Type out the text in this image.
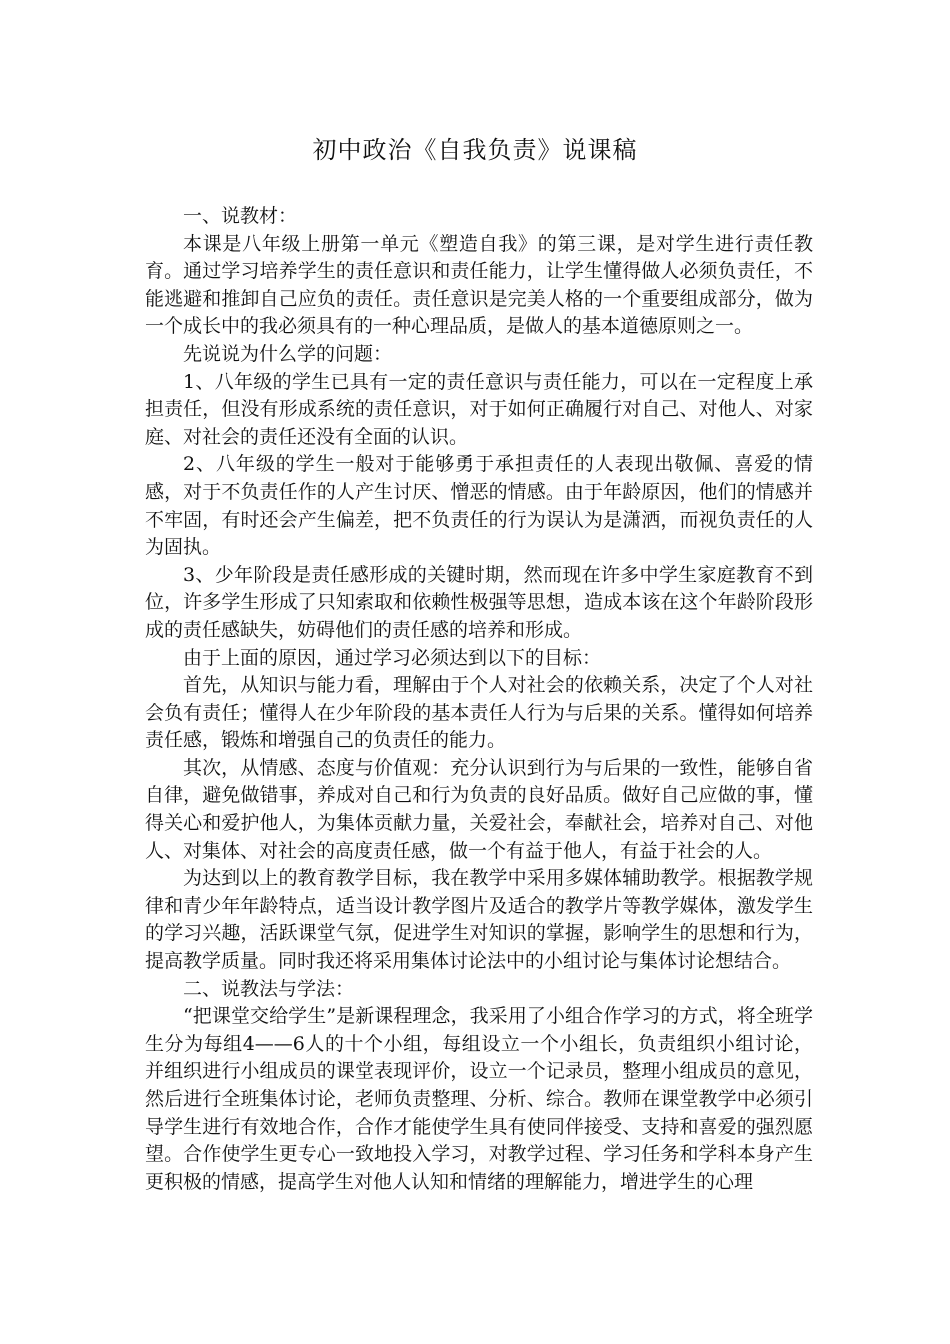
初中政治《自我负责》说课稿

一、说教材：

本课是八年级上册第一单元《塑造自我》的第三课，是对学生进行责任教育。通过学习培养学生的责任意识和责任能力，让学生懂得做人必须负责任，不能逃避和推卸自己应负的责任。责任意识是完美人格的一个重要组成部分，做为一个成长中的我必须具有的一种心理品质，是做人的基本道德原则之一。

先说说为什么学的问题：

1、八年级的学生已具有一定的责任意识与责任能力，可以在一定程度上承担责任，但没有形成系统的责任意识，对于如何正确履行对自己、对他人、对家庭、对社会的责任还没有全面的认识。

2、八年级的学生一般对于能够勇于承担责任的人表现出敬佩、喜爱的情感，对于不负责任作的人产生讨厌、憎恶的情感。由于年龄原因，他们的情感并不牢固，有时还会产生偏差，把不负责任的行为误认为是潇洒，而视负责任的人为固执。

3、少年阶段是责任感形成的关键时期，然而现在许多中学生家庭教育不到位，许多学生形成了只知索取和依赖性极强等思想，造成本该在这个年龄阶段形成的责任感缺失，妨碍他们的责任感的培养和形成。

由于上面的原因，通过学习必须达到以下的目标：

首先，从知识与能力看，理解由于个人对社会的依赖关系，决定了个人对社会负有责任；懂得人在少年阶段的基本责任人行为与后果的关系。懂得如何培养责任感，锻炼和增强自己的负责任的能力。

其次，从情感、态度与价值观：充分认识到行为与后果的一致性，能够自省自律，避免做错事，养成对自己和行为负责的良好品质。做好自己应做的事，懂得关心和爱护他人，为集体贡献力量，关爱社会，奉献社会，培养对自己、对他人、对集体、对社会的高度责任感，做一个有益于他人，有益于社会的人。

为达到以上的教育教学目标，我在教学中采用多媒体辅助教学。根据教学规律和青少年年龄特点，适当设计教学图片及适合的教学片等教学媒体，激发学生的学习兴趣，活跃课堂气氛，促进学生对知识的掌握，影响学生的思想和行为，提高教学质量。同时我还将采用集体讨论法中的小组讨论与集体讨论想结合。

二、说教法与学法：

“把课堂交给学生”是新课程理念，我采用了小组合作学习的方式，将全班学生分为每组4——6人的十个小组，每组设立一个小组长，负责组织小组讨论，并组织进行小组成员的课堂表现评价，设立一个记录员，整理小组成员的意见，然后进行全班集体讨论，老师负责整理、分析、综合。教师在课堂教学中必须引导学生进行有效地合作，合作才能使学生具有使同伴接受、支持和喜爱的强烈愿望。合作使学生更专心一致地投入学习，对教学过程、学习任务和学科本身产生更积极的情感，提高学生对他人认知和情绪的理解能力，增进学生的心理
